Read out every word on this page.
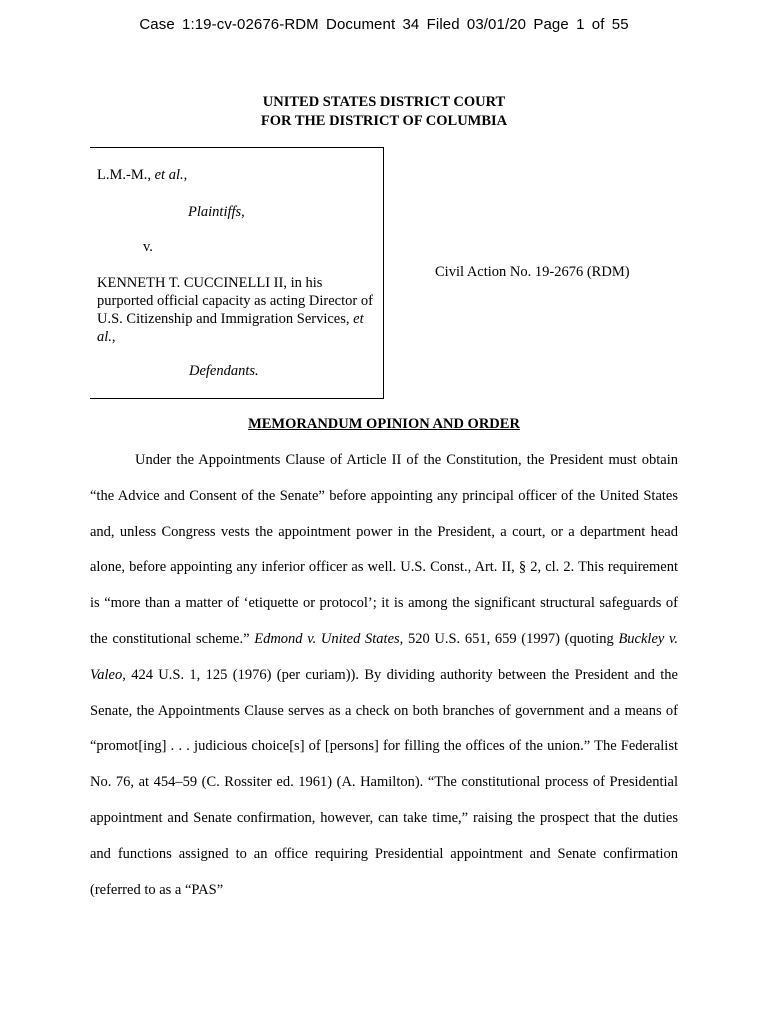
Case 1:19-cv-02676-RDM Document 34 Filed 03/01/20 Page 1 of 55
UNITED STATES DISTRICT COURT
FOR THE DISTRICT OF COLUMBIA
L.M.-M., et al.,
Plaintiffs,
v.
KENNETH T. CUCCINELLI II, in his purported official capacity as acting Director of U.S. Citizenship and Immigration Services, et al.,
Defendants.
Civil Action No. 19-2676 (RDM)
MEMORANDUM OPINION AND ORDER
Under the Appointments Clause of Article II of the Constitution, the President must obtain “the Advice and Consent of the Senate” before appointing any principal officer of the United States and, unless Congress vests the appointment power in the President, a court, or a department head alone, before appointing any inferior officer as well. U.S. Const., Art. II, § 2, cl. 2. This requirement is “more than a matter of ‘etiquette or protocol’; it is among the significant structural safeguards of the constitutional scheme.” Edmond v. United States, 520 U.S. 651, 659 (1997) (quoting Buckley v. Valeo, 424 U.S. 1, 125 (1976) (per curiam)). By dividing authority between the President and the Senate, the Appointments Clause serves as a check on both branches of government and a means of “promot[ing] . . . judicious choice[s] of [persons] for filling the offices of the union.” The Federalist No. 76, at 454–59 (C. Rossiter ed. 1961) (A. Hamilton). “The constitutional process of Presidential appointment and Senate confirmation, however, can take time,” raising the prospect that the duties and functions assigned to an office requiring Presidential appointment and Senate confirmation (referred to as a “PAS”
